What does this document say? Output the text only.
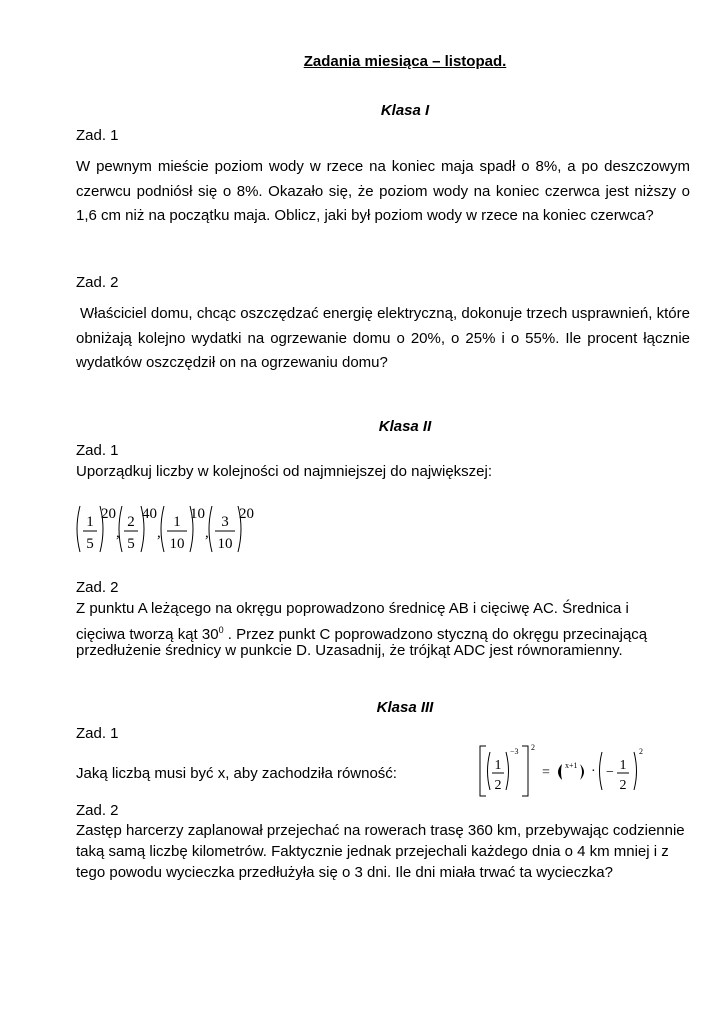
Zadania miesiąca – listopad.
Klasa I
Zad. 1
W pewnym mieście poziom wody w rzece na koniec maja spadł o 8%, a po deszczowym czerwcu podniósł się o 8%. Okazało się, że poziom wody na koniec czerwca jest niższy o 1,6 cm niż na początku maja. Oblicz, jaki był poziom wody w rzece na koniec czerwca?
Zad. 2
Właściciel domu, chcąc oszczędzać energię elektryczną, dokonuje trzech usprawnień, które obniżają kolejno wydatki na ogrzewanie domu o 20%, o 25% i o 55%. Ile procent łącznie wydatków oszczędził on na ogrzewaniu domu?
Klasa II
Zad. 1
Uporządkuj liczby w kolejności od najmniejszej do największej:
1
5
20
,
2
5
40
,
1
10
10
,
3
10
20
Zad. 2
Z punktu A leżącego na okręgu poprowadzono średnicę AB i cięciwę AC. Średnica i
cięciwa tworzą kąt $30^0$ . Przez punkt C poprowadzono styczną do okręgu przecinającą
przedłużenie średnicy w punkcie D. Uzasadnij, że trójkąt ADC jest równoramienny.
Klasa III
Zad. 1
Jaką liczbą musi być x, aby zachodziła równość:	1
2
−3 2
= x+1 · − 1
2
2
Zad. 2
Zastęp harcerzy zaplanował przejechać na rowerach trasę 360 km, przebywając codziennie taką samą liczbę kilometrów. Faktycznie jednak przejechali każdego dnia o 4 km mniej i z tego powodu wycieczka przedłużyła się o 3 dni. Ile dni miała trwać ta wycieczka?
